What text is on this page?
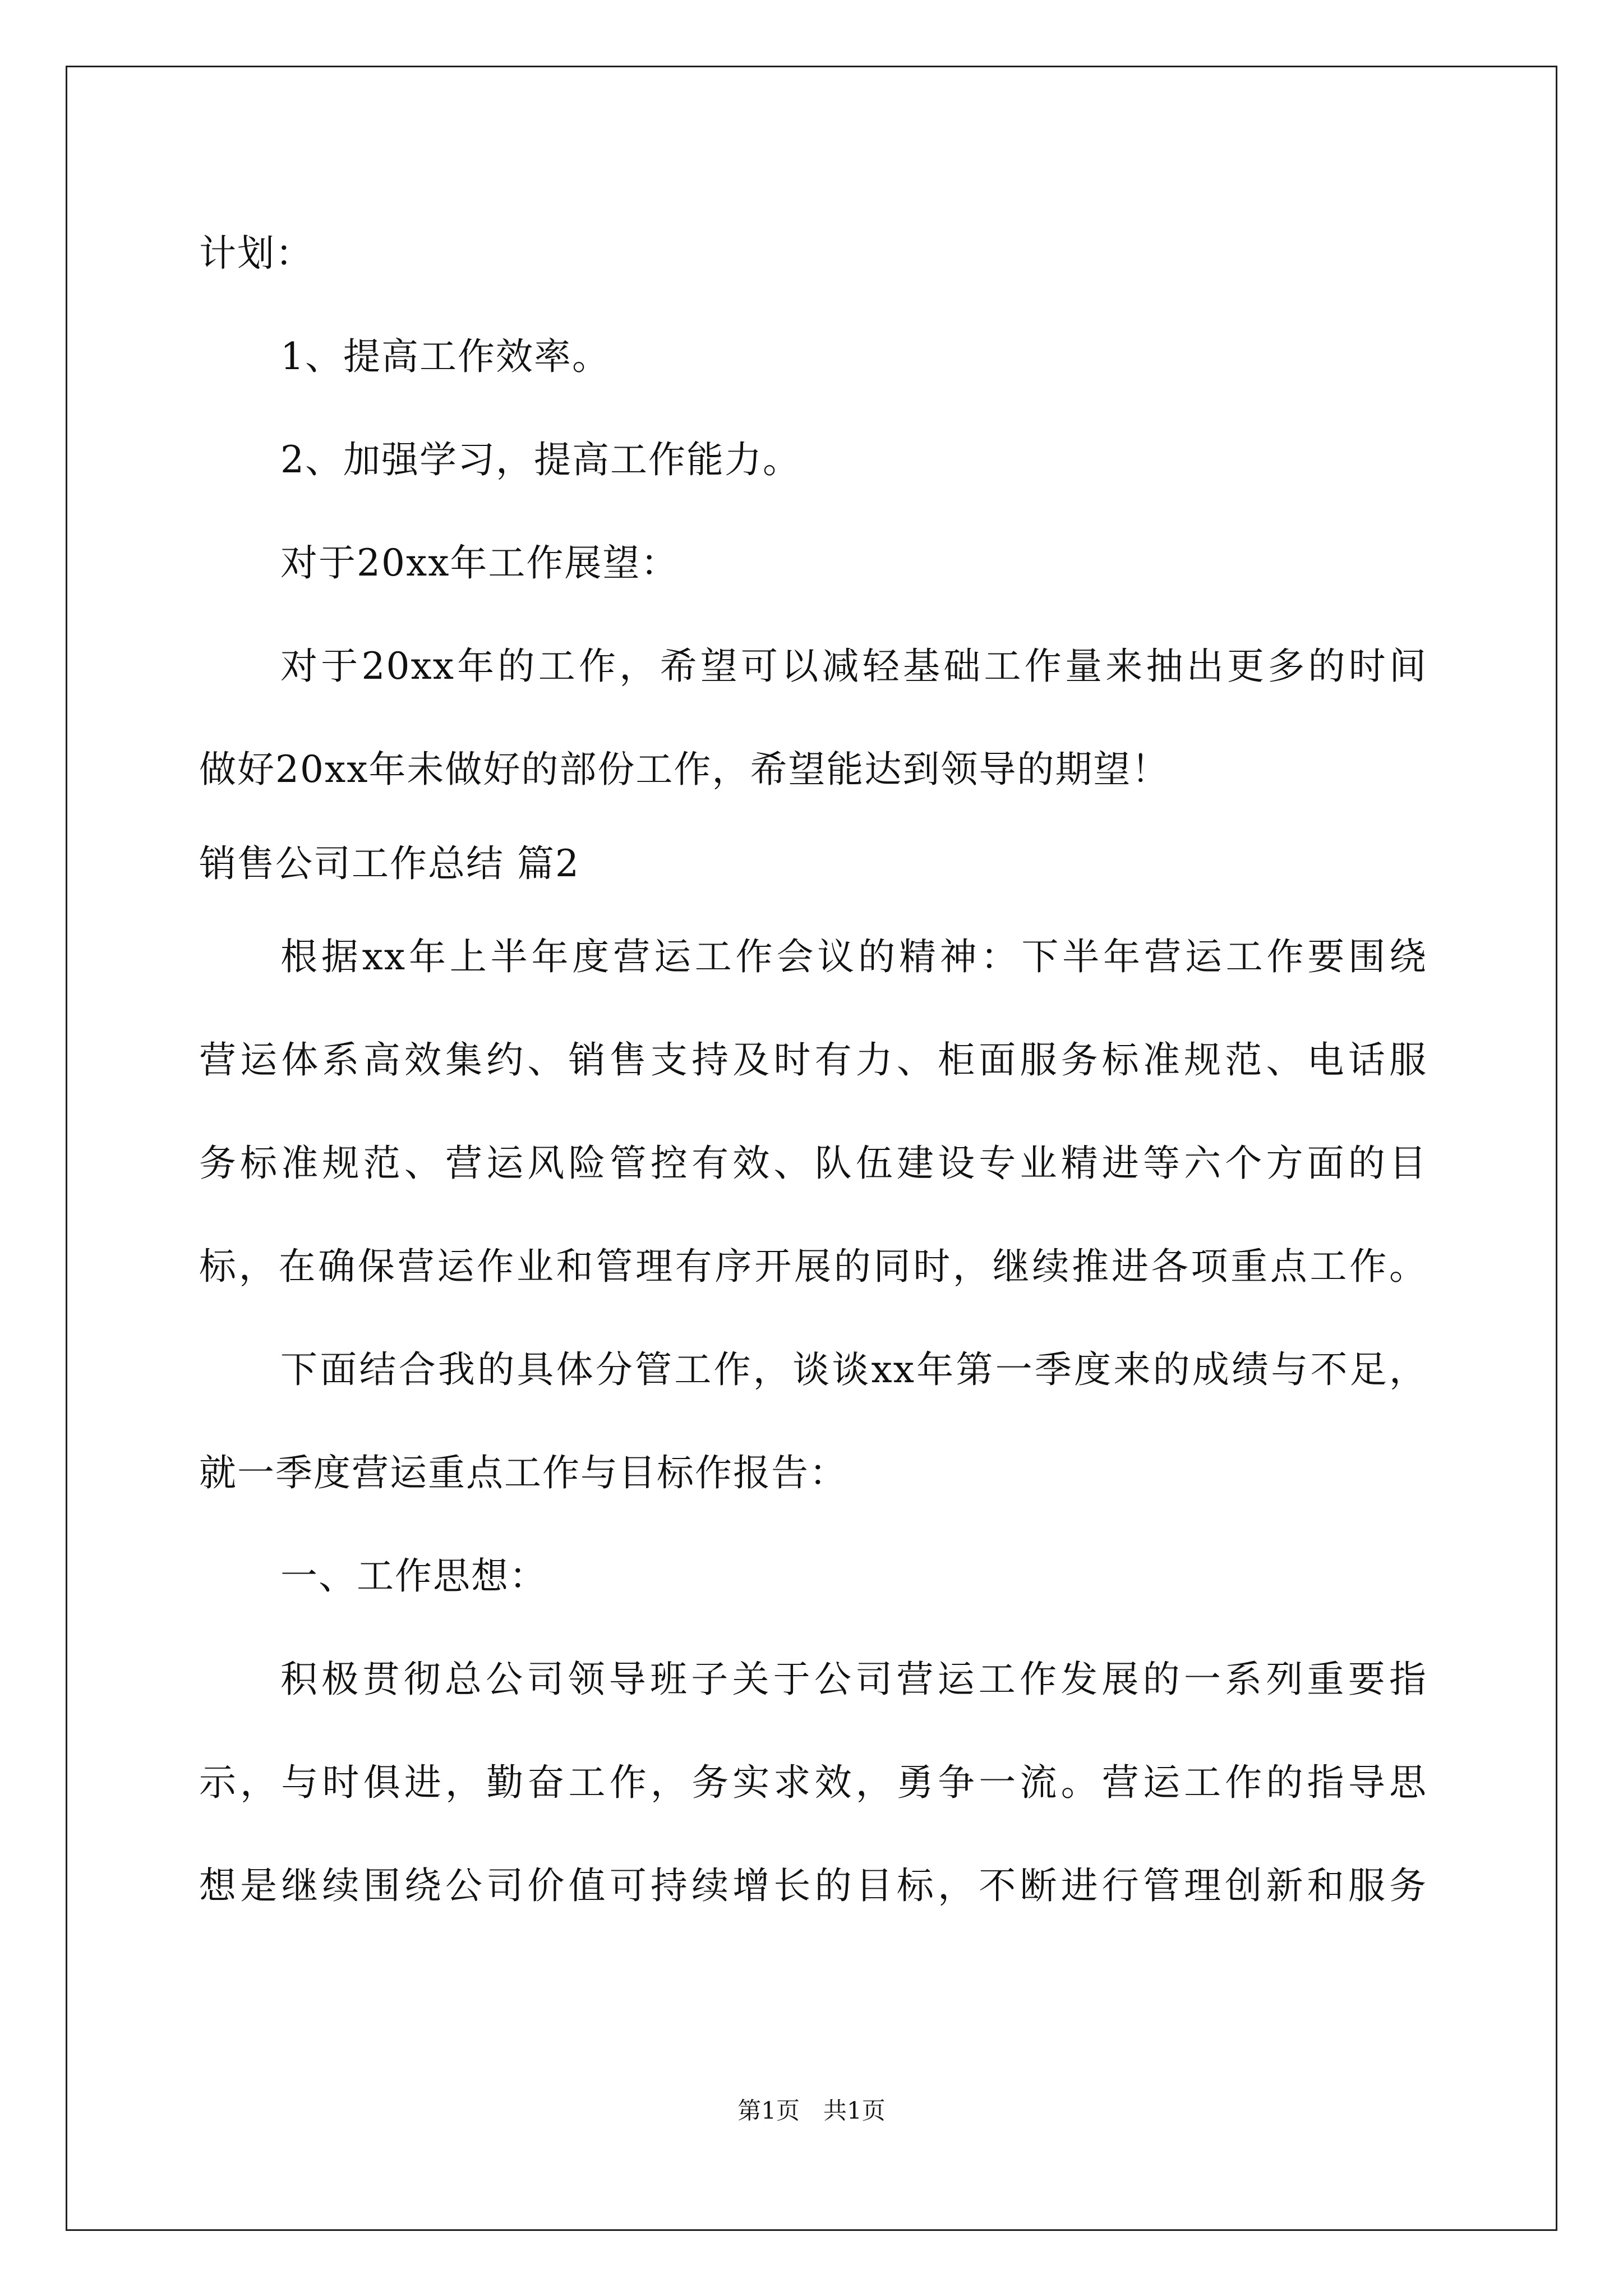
计划：
1、提高工作效率。
2、加强学习，提高工作能力。
对于20xx年工作展望：
对于20xx年的工作，希望可以减轻基础工作量来抽出更多的时间
做好20xx年未做好的部份工作，希望能达到领导的期望！
销售公司工作总结 篇2
根据xx年上半年度营运工作会议的精神：下半年营运工作要围绕
营运体系高效集约、销售支持及时有力、柜面服务标准规范、电话服
务标准规范、营运风险管控有效、队伍建设专业精进等六个方面的目
标，在确保营运作业和管理有序开展的同时，继续推进各项重点工作。
下面结合我的具体分管工作，谈谈xx年第一季度来的成绩与不足，
就一季度营运重点工作与目标作报告：
一、工作思想：
积极贯彻总公司领导班子关于公司营运工作发展的一系列重要指
示，与时俱进，勤奋工作，务实求效，勇争一流。营运工作的指导思
想是继续围绕公司价值可持续增长的目标，不断进行管理创新和服务
第1页　共1页
